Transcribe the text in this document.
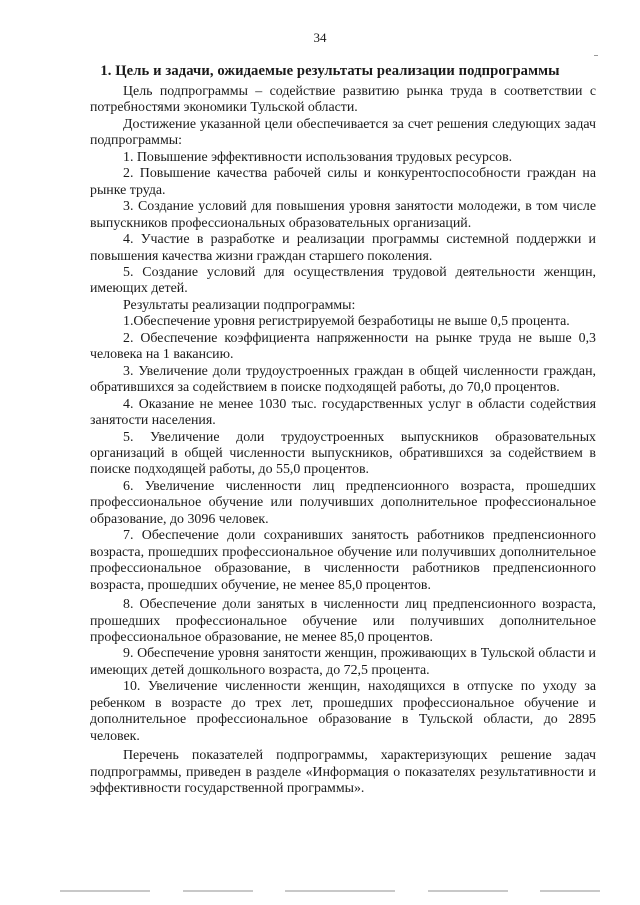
34
1. Цель и задачи, ожидаемые результаты реализации подпрограммы

Цель подпрограммы – содействие развитию рынка труда в соответствии с потребностями экономики Тульской области.

Достижение указанной цели обеспечивается за счет решения следующих задач подпрограммы:

1. Повышение эффективности использования трудовых ресурсов.

2. Повышение качества рабочей силы и конкурентоспособности граждан на рынке труда.

3. Создание условий для повышения уровня занятости молодежи, в том числе выпускников профессиональных образовательных организаций.

4. Участие в разработке и реализации программы системной поддержки и повышения качества жизни граждан старшего поколения.

5. Создание условий для осуществления трудовой деятельности женщин, имеющих детей.

Результаты реализации подпрограммы:

1.Обеспечение уровня регистрируемой безработицы не выше 0,5 процента.

2. Обеспечение коэффициента напряженности на рынке труда не выше 0,3 человека на 1 вакансию.

3. Увеличение доли трудоустроенных граждан в общей численности граждан, обратившихся за содействием в поиске подходящей работы, до 70,0 процентов.

4. Оказание не менее 1030 тыс. государственных услуг в области содействия занятости населения.

5. Увеличение доли трудоустроенных выпускников образовательных организаций в общей численности выпускников, обратившихся за содействием в поиске подходящей работы, до 55,0 процентов.

6. Увеличение численности лиц предпенсионного возраста, прошедших профессиональное обучение или получивших дополнительное профессиональное образование, до 3096 человек.

7. Обеспечение доли сохранивших занятость работников предпенсионного возраста, прошедших профессиональное обучение или получивших дополнительное профессиональное образование, в численности работников предпенсионного возраста, прошедших обучение, не менее 85,0 процентов.

8. Обеспечение доли занятых в численности лиц предпенсионного возраста, прошедших профессиональное обучение или получивших дополнительное профессиональное образование, не менее 85,0 процентов.

9. Обеспечение уровня занятости женщин, проживающих в Тульской области и имеющих детей дошкольного возраста, до 72,5 процента.

10. Увеличение численности женщин, находящихся в отпуске по уходу за ребенком в возрасте до трех лет, прошедших профессиональное обучение и дополнительное профессиональное образование в Тульской области, до 2895 человек.

Перечень показателей подпрограммы, характеризующих решение задач подпрограммы, приведен в разделе «Информация о показателях результативности и эффективности государственной программы».
